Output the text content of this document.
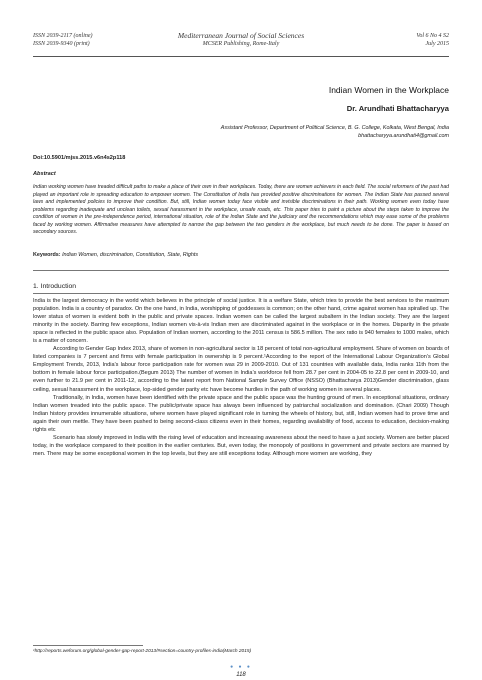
ISSN 2039-2117 (online)
ISSN 2039-9340 (print)
Mediterranean Journal of Social Sciences
MCSER Publishing, Rome-Italy
Vol 6 No 4 S2
July 2015
Indian Women in the Workplace
Dr. Arundhati Bhattacharyya
Assistant Professor, Department of Political Science, B. G. College, Kolkata, West Bengal, India
bhattacharyya.arundhati4@gmail.com
Doi:10.5901/mjss.2015.v6n4s2p118
Abstract

Indian working women have treaded difficult paths to make a place of their own in their workplaces. Today, there are women achievers in each field. The social reformers of the past had played an important role in spreading education to empower women. The Constitution of India has provided positive discriminations for women. The Indian State has passed several laws and implemented policies to improve their condition. But, still, Indian women today face visible and invisible discriminations in their path. Working women even today have problems regarding inadequate and unclean toilets, sexual harassment in the workplace, unsafe roads, etc. This paper tries to paint a picture about the steps taken to improve the condition of women in the pre-independence period, international situation, role of the Indian State and the judiciary and the recommendations which may ease some of the problems faced by working women. Affirmative measures have attempted to narrow the gap between the two genders in the workplace, but much needs to be done. The paper is based on secondary sources.

Keywords: Indian Women, discrimination, Constitution, State, Rights
1. Introduction

India is the largest democracy in the world which believes in the principle of social justice. It is a welfare State, which tries to provide the best services to the maximum population. India is a country of paradox. On the one hand, in India, worshipping of goddesses is common; on the other hand, crime against women has spiralled up. The lower status of women is evident both in the public and private spaces. Indian women can be called the largest subaltern in the Indian society. They are the largest minority in the society. Barring few exceptions, Indian women vis-à-vis Indian men are discriminated against in the workplace or in the homes. Disparity in the private space is reflected in the public space also. Population of Indian women, according to the 2011 census is 586.5 million. The sex ratio is 940 females to 1000 males, which is a matter of concern.

According to Gender Gap Index 2013, share of women in non-agricultural sector is 18 percent of total non-agricultural employment. Share of women on boards of listed companies is 7 percent and firms with female participation in ownership is 9 percent.¹According to the report of the International Labour Organization’s Global Employment Trends, 2013, India’s labour force participation rate for women was 29 in 2009-2010. Out of 131 countries with available data, India ranks 11th from the bottom in female labour force participation.(Begum 2013) The number of women in India’s workforce fell from 28.7 per cent in 2004-05 to 22.8 per cent in 2009-10, and even further to 21.9 per cent in 2011-12, according to the latest report from National Sample Survey Office (NSSO) (Bhattacharya 2013)Gender discrimination, glass ceiling, sexual harassment in the workplace, lop-sided gender parity etc have become hurdles in the path of working women in several places.

Traditionally, in India, women have been identified with the private space and the public space was the hunting ground of men. In exceptional situations, ordinary Indian women treaded into the public space. The public/private space has always been influenced by patriarchal socialization and domination. (Chari 2009) Though Indian history provides innumerable situations, where women have played significant role in turning the wheels of history, but, still, Indian women had to prove time and again their own mettle. They have been pushed to being second-class citizens even in their homes, regarding availability of food, access to education, decision-making rights etc

Scenario has slowly improved in India with the rising level of education and increasing awareness about the need to have a just society. Women are better placed today, in the workplace compared to their position in the earlier centuries. But, even today, the monopoly of positions in government and private sectors are manned by men. There may be some exceptional women in the top levels, but they are still exceptions today. Although more women are working, they

¹http://reports.weforum.org/global-gender-gap-report-2013/#section=country-profiles-india(March 2015)
● ● ●
118
